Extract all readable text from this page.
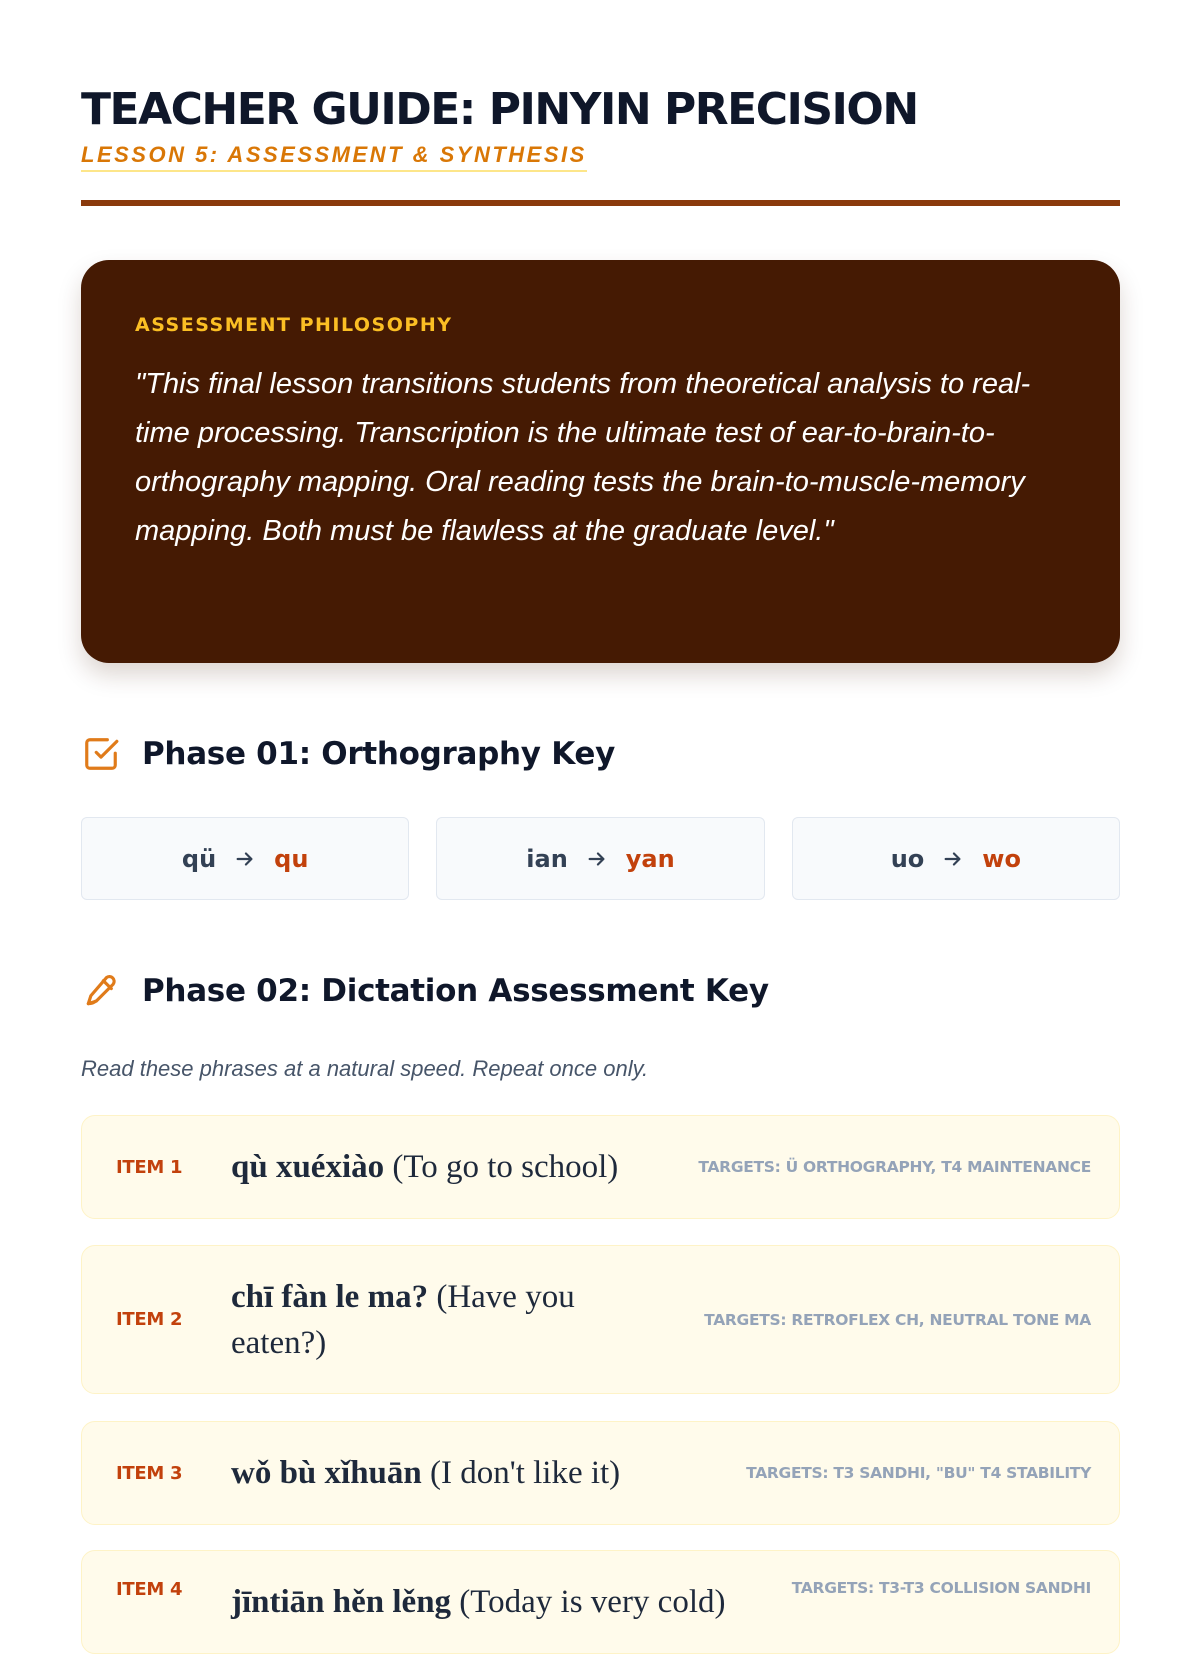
TEACHER GUIDE: PINYIN PRECISION
LESSON 5: ASSESSMENT & SYNTHESIS
ASSESSMENT PHILOSOPHY

"This final lesson transitions students from theoretical analysis to real-time processing. Transcription is the ultimate test of ear-to-brain-to-orthography mapping. Oral reading tests the brain-to-muscle-memory mapping. Both must be flawless at the graduate level."

Phase 01: Orthography Key
qü qu	ian yan	uo wo
Phase 02: Dictation Assessment Key

Read these phrases at a natural speed. Repeat once only.

ITEM 1	qù xuéxiào (To go to school)	TARGETS: Ü ORTHOGRAPHY, T4 MAINTENANCE
ITEM 2
chī fàn le ma? (Have you eaten?)
TARGETS: RETROFLEX CH, NEUTRAL TONE MA
ITEM 3	wǒ bù xǐhuān (I don't like it)	TARGETS: T3 SANDHI, "BU" T4 STABILITY
ITEM 4	jīntiān hěn lěng (Today is very cold)	TARGETS: T3-T3 COLLISION SANDHI
